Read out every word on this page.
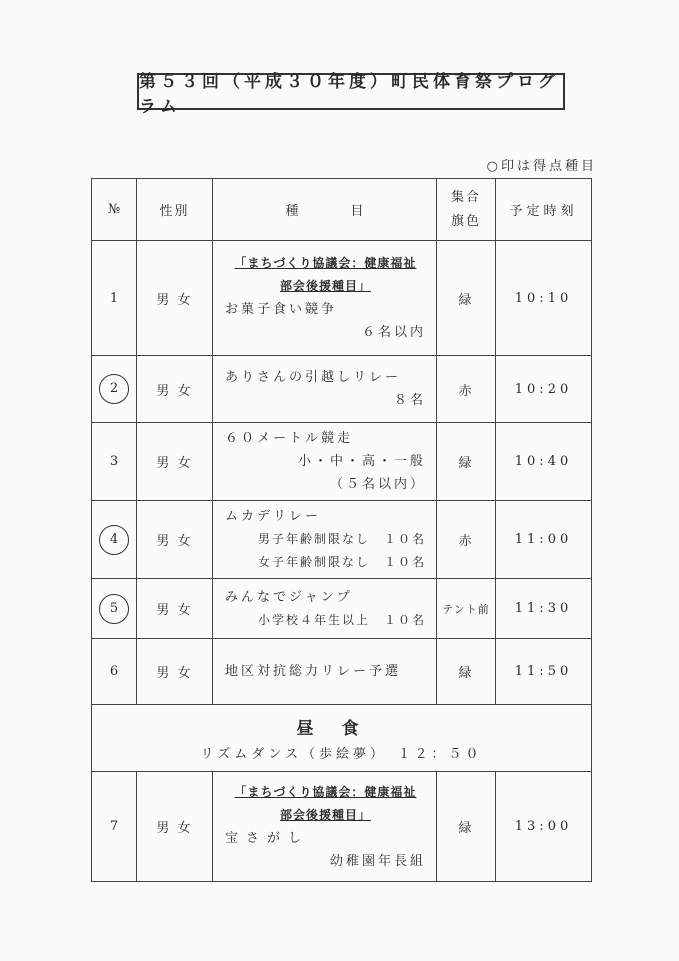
第５３回（平成３０年度）町民体育祭プログラム
○印は得点種目
№	性別	種　　　　目	集合旗色	予定時刻
1	男 女	「まちづくり協議会：健康福祉
部会後援種目」
お菓子食い競争
６名以内	緑	10:10
2	男 女	ありさんの引越しリレー
８名	赤	10:20
3	男 女	６０メートル競走
小・中・高・一般
（５名以内）	緑	10:40
4	男 女	ムカデリレー
男子年齢制限なし　１０名
女子年齢制限なし　１０名	赤	11:00
5	男 女	みんなでジャンプ
小学校４年生以上　１０名	テント前	11:30
6	男 女	地区対抗総力リレー予選	緑	11:50

昼食
リズムダンス（歩絵夢）　１２：５０				

7	男 女	「まちづくり協議会：健康福祉
部会後援種目」
宝さがし
幼稚園年長組	緑	13:00
